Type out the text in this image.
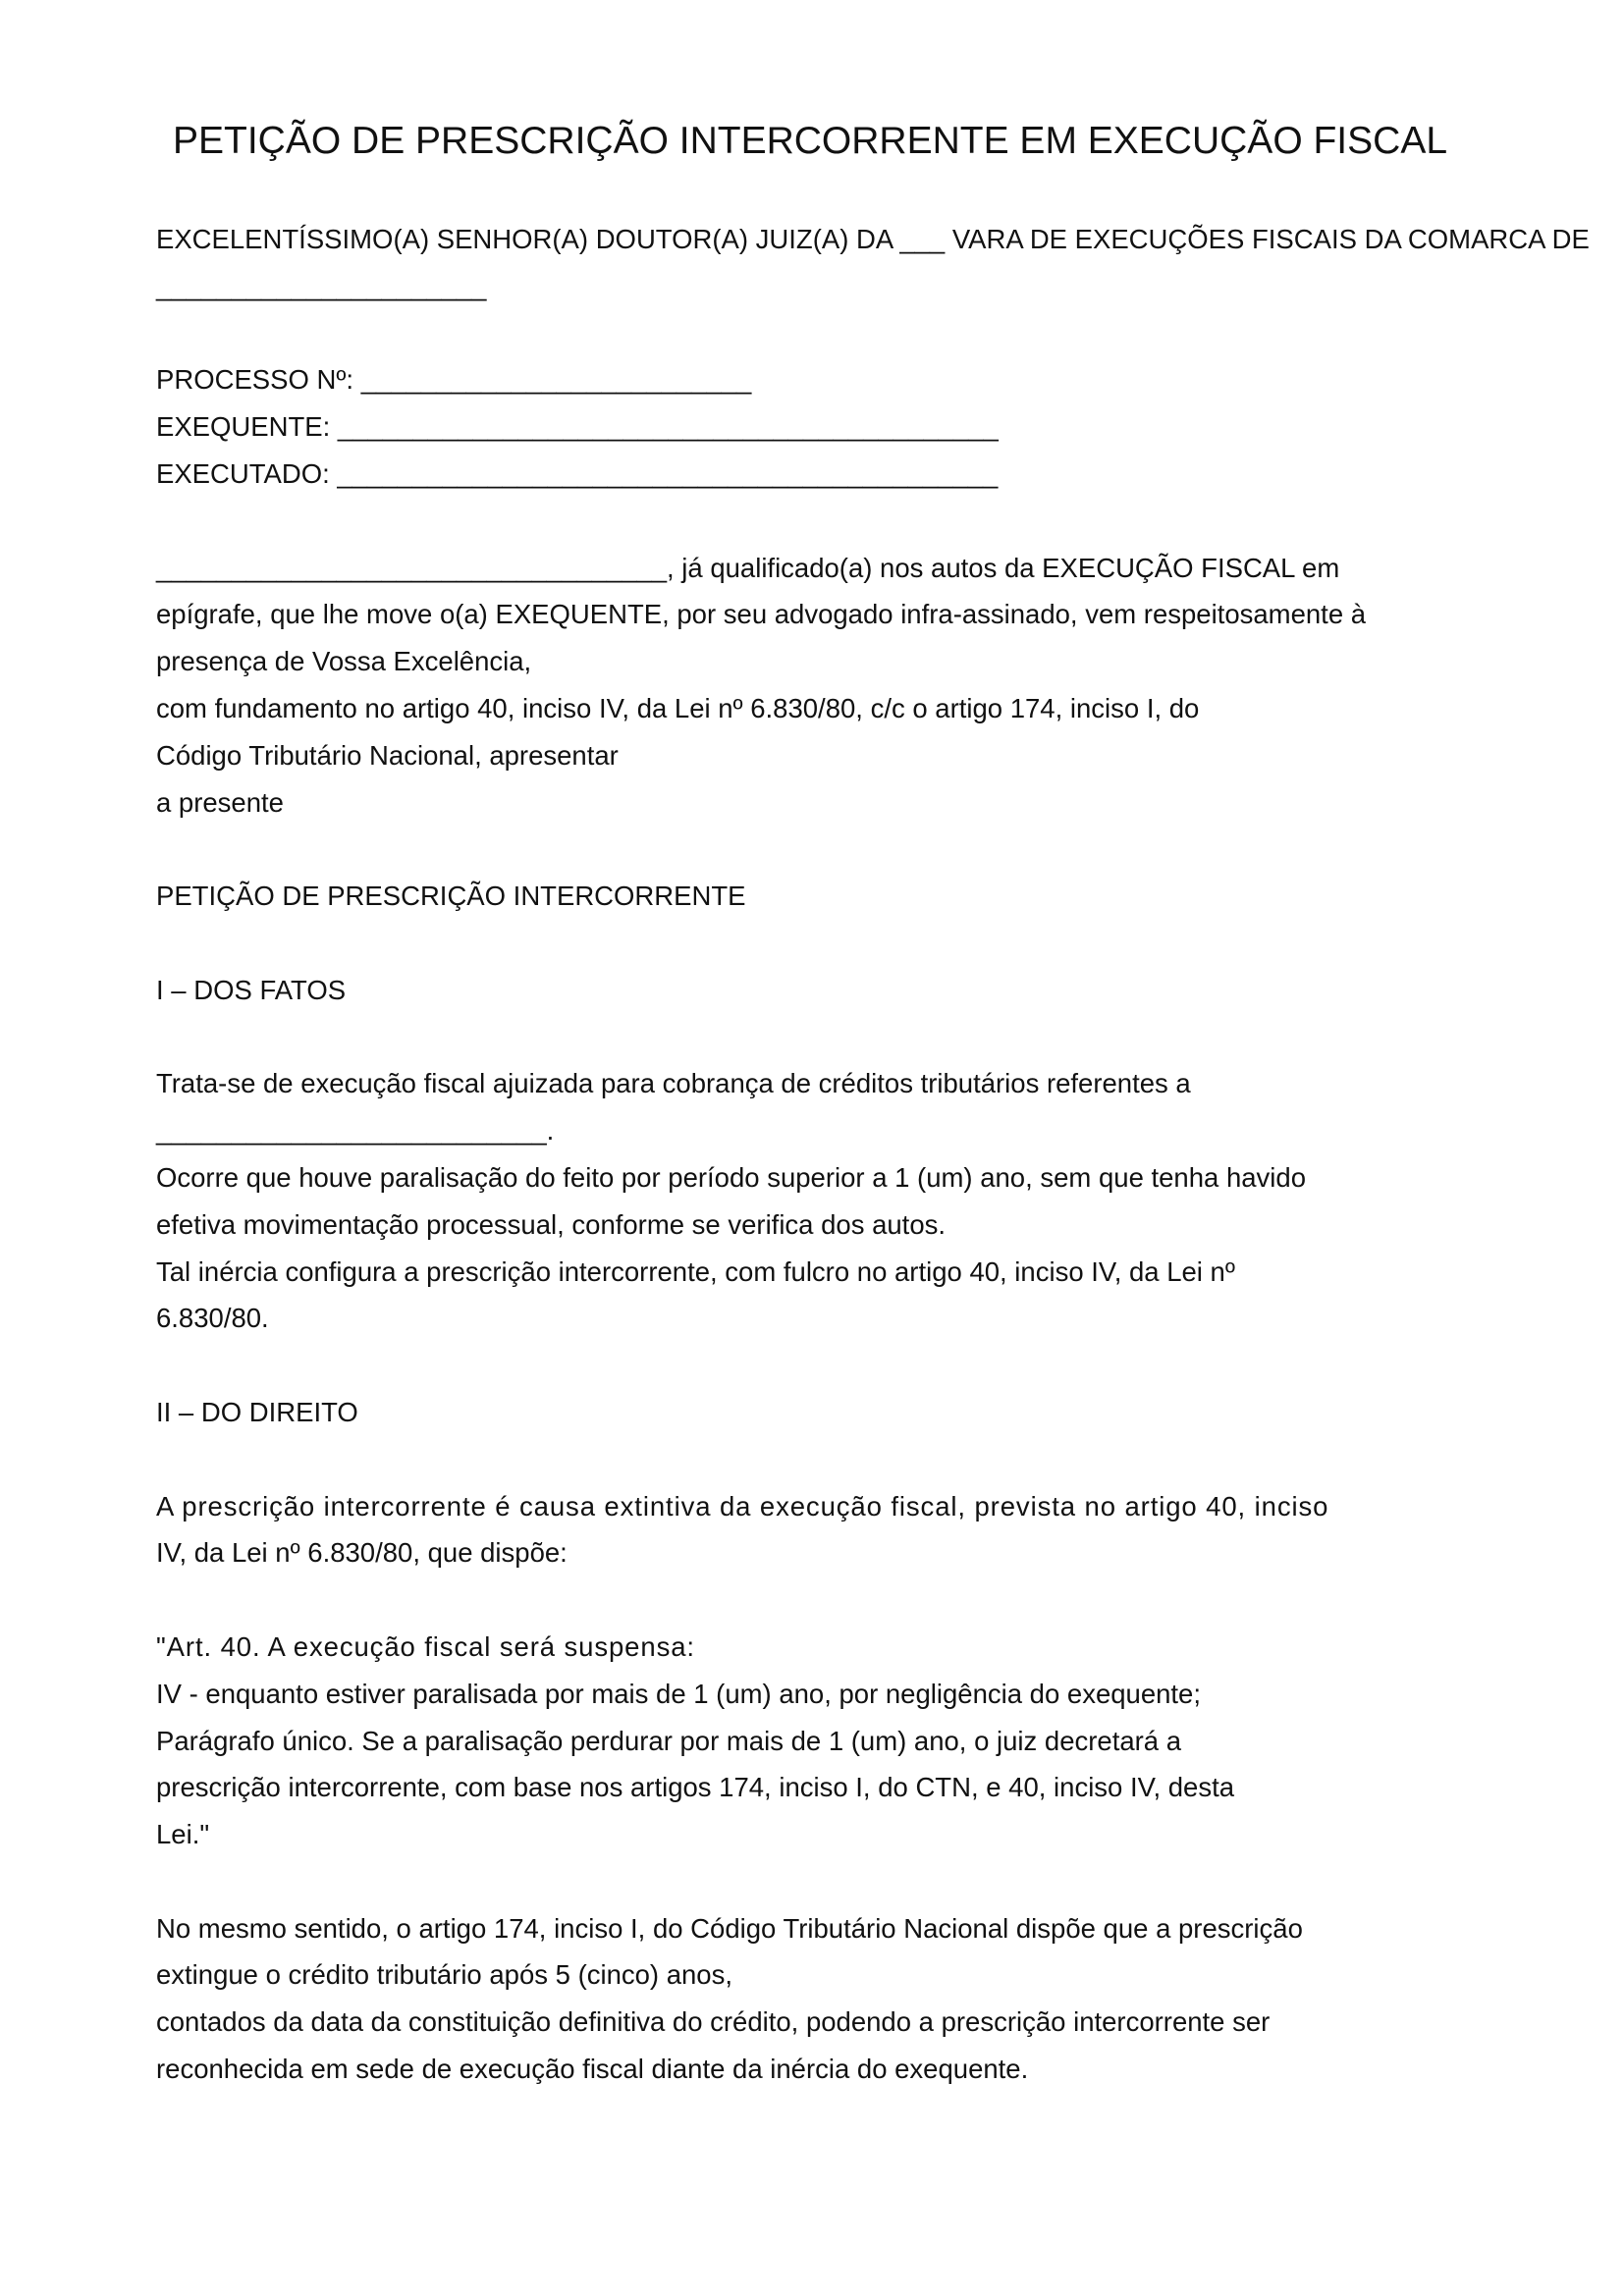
PETIÇÃO DE PRESCRIÇÃO INTERCORRENTE EM EXECUÇÃO FISCAL
EXCELENTÍSSIMO(A) SENHOR(A) DOUTOR(A) JUIZ(A) DA ___ VARA DE EXECUÇÕES FISCAIS DA COMARCA DE
______________________
PROCESSO Nº: __________________________
EXEQUENTE: ____________________________________________
EXECUTADO: ____________________________________________
__________________________________, já qualificado(a) nos autos da EXECUÇÃO FISCAL em
epígrafe, que lhe move o(a) EXEQUENTE, por seu advogado infra-assinado, vem respeitosamente à
presença de Vossa Excelência,
com fundamento no artigo 40, inciso IV, da Lei nº 6.830/80, c/c o artigo 174, inciso I, do
Código Tributário Nacional, apresentar
a presente
PETIÇÃO DE PRESCRIÇÃO INTERCORRENTE
I – DOS FATOS
Trata-se de execução fiscal ajuizada para cobrança de créditos tributários referentes a
__________________________.
Ocorre que houve paralisação do feito por período superior a 1 (um) ano, sem que tenha havido
efetiva movimentação processual, conforme se verifica dos autos.
Tal inércia configura a prescrição intercorrente, com fulcro no artigo 40, inciso IV, da Lei nº
6.830/80.
II – DO DIREITO
A prescrição intercorrente é causa extintiva da execução fiscal, prevista no artigo 40, inciso
IV, da Lei nº 6.830/80, que dispõe:
"Art. 40. A execução fiscal será suspensa:
IV - enquanto estiver paralisada por mais de 1 (um) ano, por negligência do exequente;
Parágrafo único. Se a paralisação perdurar por mais de 1 (um) ano, o juiz decretará a
prescrição intercorrente, com base nos artigos 174, inciso I, do CTN, e 40, inciso IV, desta
Lei."
No mesmo sentido, o artigo 174, inciso I, do Código Tributário Nacional dispõe que a prescrição
extingue o crédito tributário após 5 (cinco) anos,
contados da data da constituição definitiva do crédito, podendo a prescrição intercorrente ser
reconhecida em sede de execução fiscal diante da inércia do exequente.
